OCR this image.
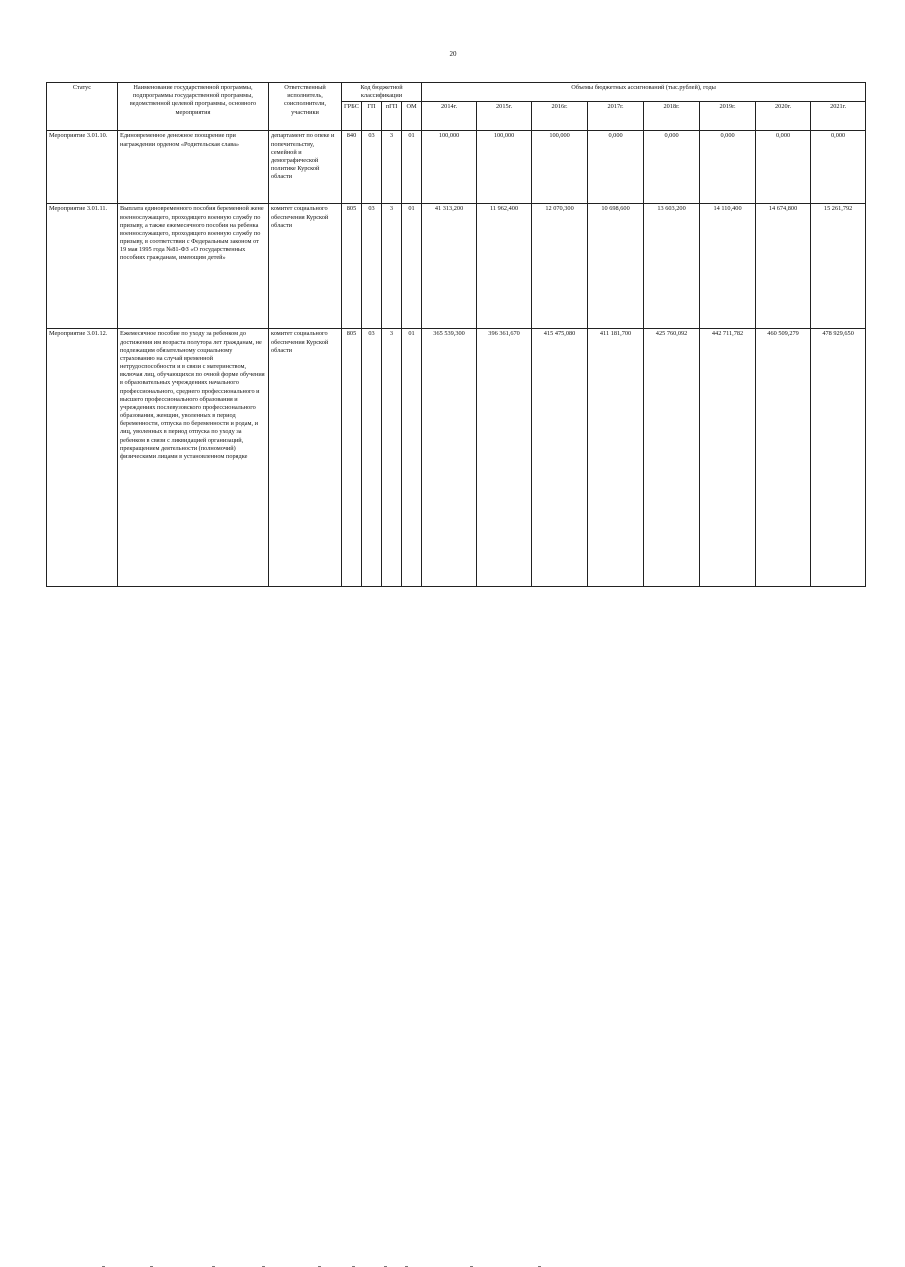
20
Статус	Наименование государственной программы, подпрограммы государственной программы, ведомственной целевой программы, основного мероприятия	Ответственный исполнитель, соисполнители, участники	Код бюджетной классификации				Объемы бюджетных ассигнований (тыс.рублей), годы							
			ГРБС	ГП	пГП	ОМ	2014г.	2015г.	2016г.	2017г.	2018г.	2019г.	2020г.	2021г.
Мероприятие 3.01.10.	Единовременное денежное поощрение при награждении орденом «Родительская слава»	департамент по опеке и попечительству, семейной и демографической политике Курской области	840	03	3	01	100,000	100,000	100,000	0,000	0,000	0,000	0,000	0,000
Мероприятие 3.01.11.	Выплата единовременного пособия беременной жене военнослужащего, проходящего военную службу по призыву, а также ежемесячного пособия на ребенка военнослужащего, проходящего военную службу по призыву, в соответствии с Федеральным законом от 19 мая 1995 года №81-ФЗ «О государственных пособиях гражданам, имеющим детей»	комитет социального обеспечения Курской области	805	03	3	01	41 313,200	11 962,400	12 070,300	10 698,600	13 603,200	14 110,400	14 674,800	15 261,792
Мероприятие 3.01.12.	Ежемесячное пособие по уходу за ребенком до достижения им возраста полутора лет гражданам, не подлежащим обязательному социальному страхованию на случай временной нетрудоспособности и в связи с материнством, включая лиц, обучающихся по очной форме обучения в образовательных учреждениях начального профессионального, среднего профессионального и высшего профессионального образования и учреждениях послевузовского профессионального образования, женщин, уволенных в период беременности, отпуска по беременности и родам, и лиц, уволенных в период отпуска по уходу за ребенком в связи с ликвидацией организаций, прекращением деятельности (полномочий) физическими лицами в установленном порядке	комитет социального обеспечения Курской области	805	03	3	01	365 539,300	396 361,670	415 475,080	411 181,700	425 760,092	442 711,782	460 509,279	478 929,650
